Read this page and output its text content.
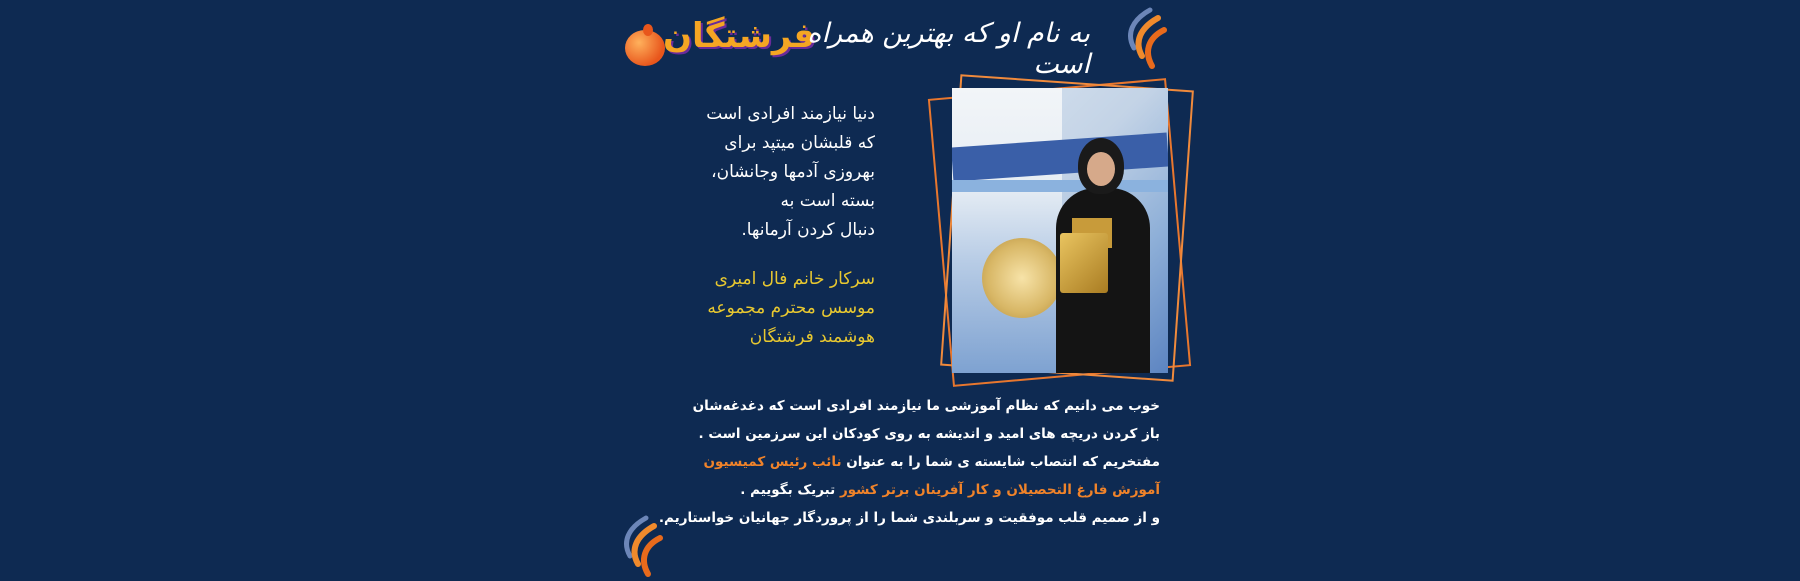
فرشتگان
به نام او که بهترین همراه است
دنیا نیازمند افرادی است
که قلبشان میتپد برای
بهروزی آدمها وجانشان،
بسته است به
دنبال کردن آرمانها.
سرکار خانم فال امیری
موسس محترم مجموعه
هوشمند فرشتگان
خوب می دانیم که نظام آموزشی ما نیازمند افرادی است که دغدغه‌شان
باز کردن دریچه های امید و اندیشه به روی کودکان این سرزمین است .
مفتخریم که انتصاب شایسته ی شما را به عنوان نائب رئیس کمیسیون
آموزش فارغ التحصیلان و کار آفرینان برتر کشور تبریک بگوییم .
و از صمیم قلب موفقیت و سربلندی شما را از پروردگار جهانیان خواستاریم.
